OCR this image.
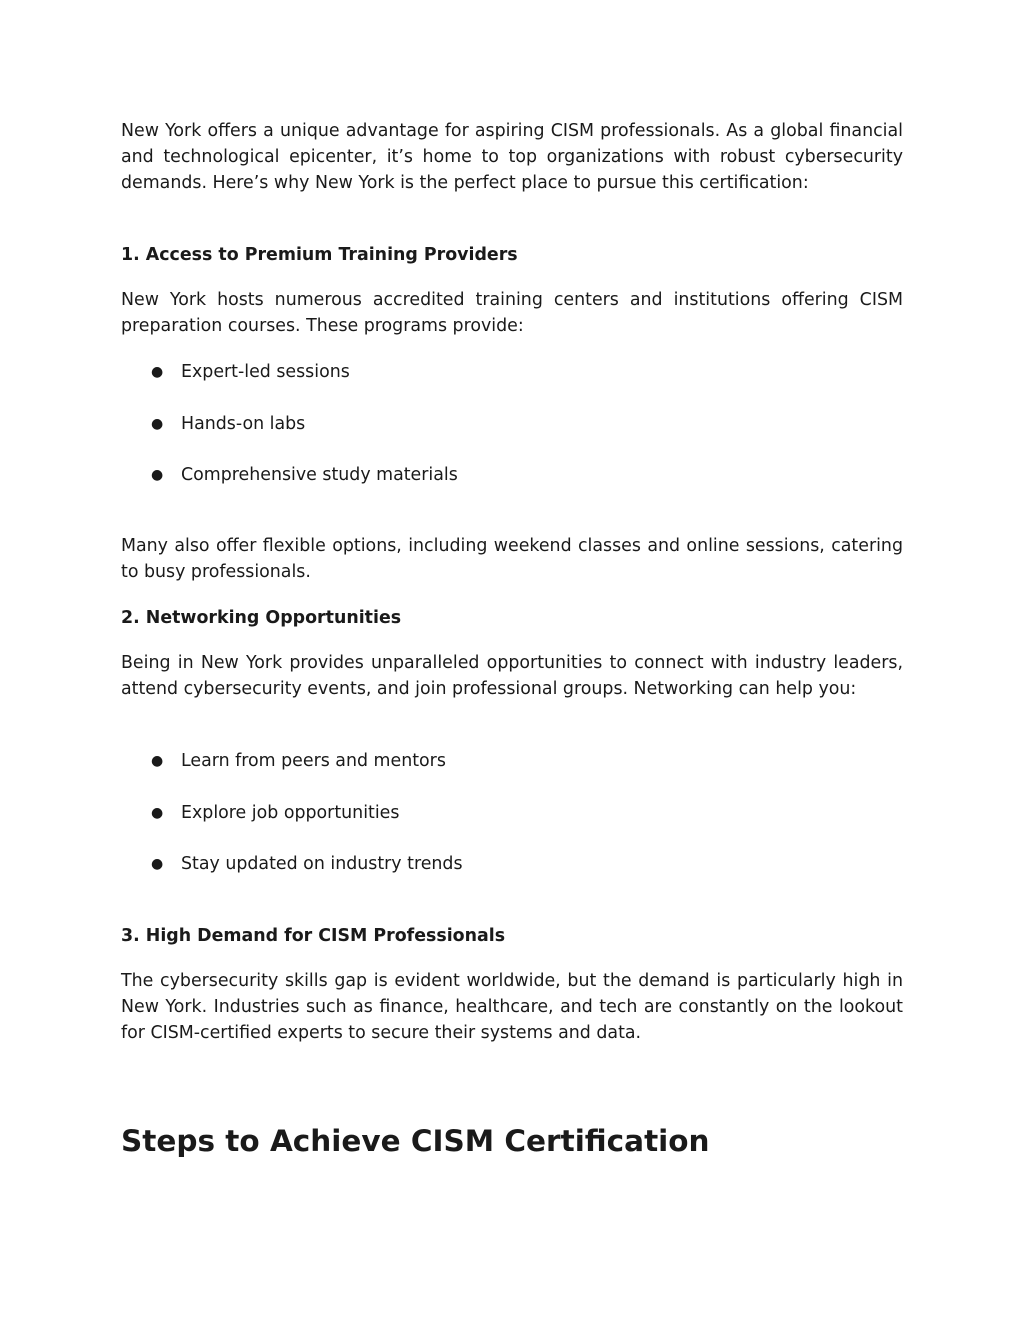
New York offers a unique advantage for aspiring CISM professionals. As a global financial and technological epicenter, it’s home to top organizations with robust cybersecurity demands. Here’s why New York is the perfect place to pursue this certification:

1. Access to Premium Training Providers

New York hosts numerous accredited training centers and institutions offering CISM preparation courses. These programs provide:

● Expert-led sessions
● Hands-on labs
● Comprehensive study materials

Many also offer flexible options, including weekend classes and online sessions, catering to busy professionals.

2. Networking Opportunities

Being in New York provides unparalleled opportunities to connect with industry leaders, attend cybersecurity events, and join professional groups. Networking can help you:

● Learn from peers and mentors
● Explore job opportunities
● Stay updated on industry trends
3. High Demand for CISM Professionals

The cybersecurity skills gap is evident worldwide, but the demand is particularly high in New York. Industries such as finance, healthcare, and tech are constantly on the lookout for CISM-certified experts to secure their systems and data.

Steps to Achieve CISM Certification
